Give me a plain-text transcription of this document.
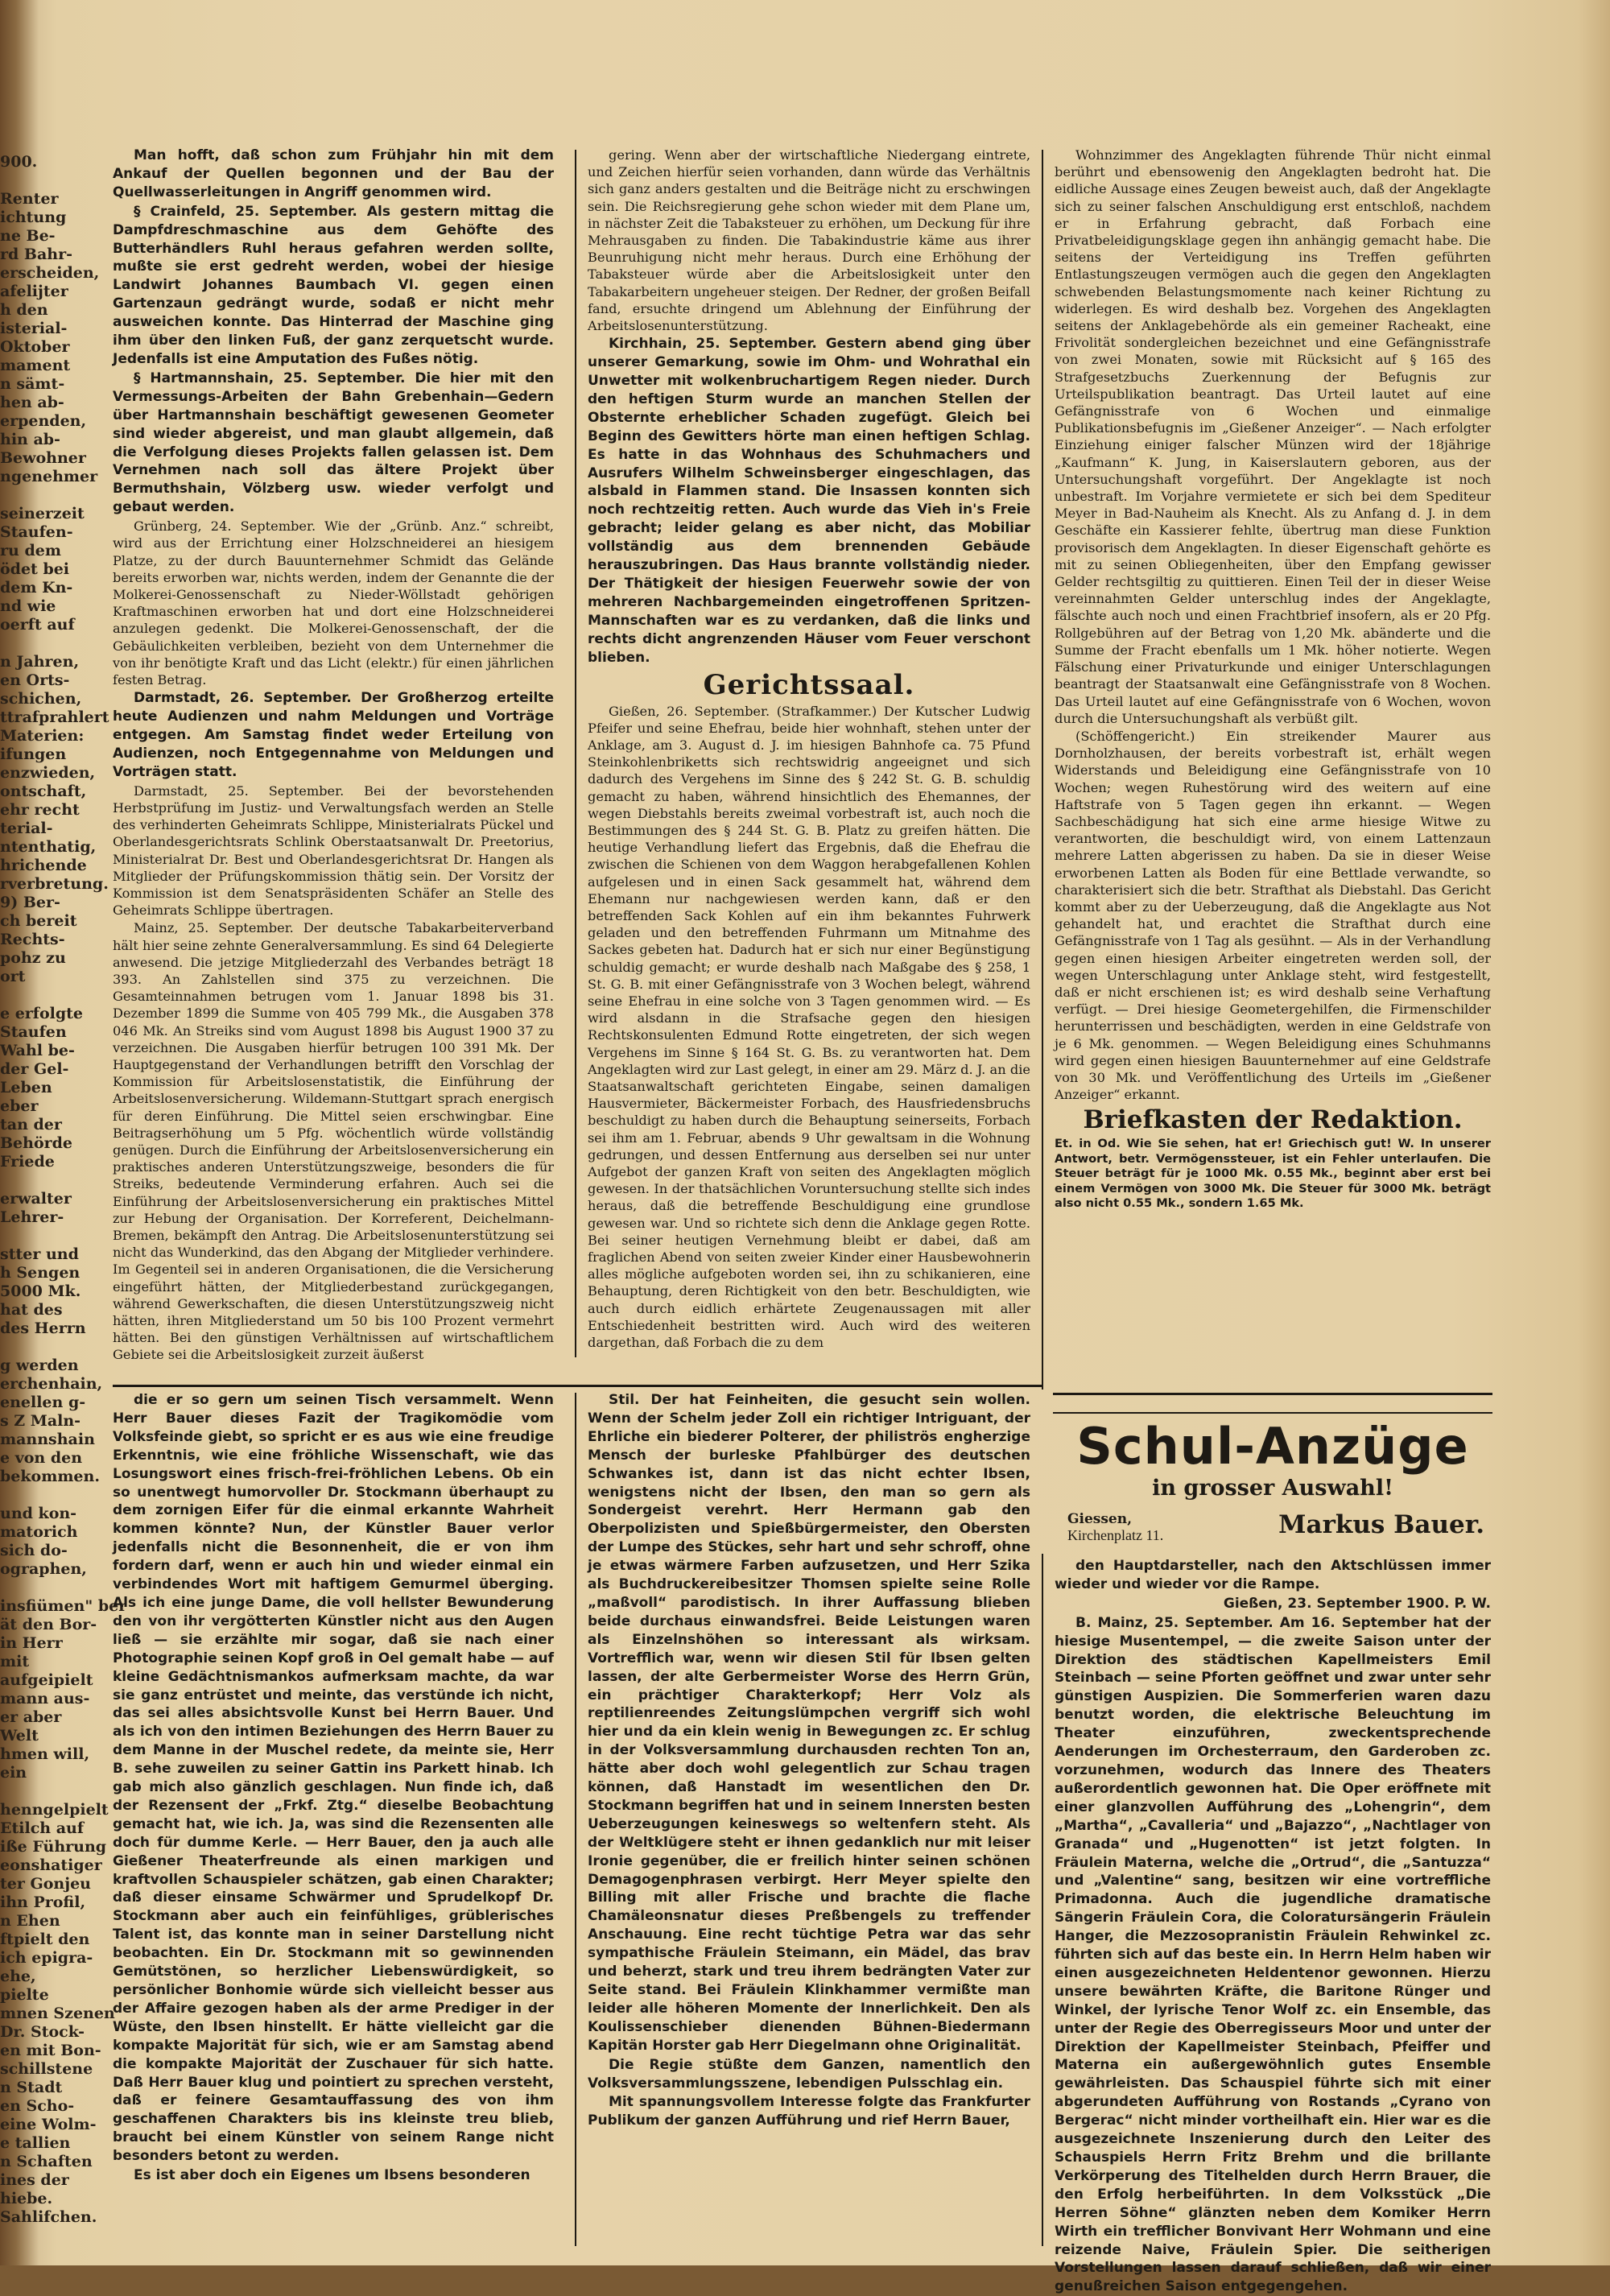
900.

Renter
ichtung
ne Be-
rd Bahr-
erscheiden,
afelijter
h den
isterial-
Oktober
mament
n sämt-
hen ab-
erpenden,
hin ab-
Bewohner
ngenehmer

seinerzeit
Staufen-
ru dem
ödet bei
dem Kn-
nd wie
oerft auf

n Jahren,
en Orts-
schichen,
ttrafprahlert
Materien:
ifungen
enzwieden,
ontschaft,
ehr recht
terial-
ntenthatig,
hrichende
rverbretung.
9) Ber-
ch bereit
Rechts-
pohz zu
ort

e erfolgte
Staufen
Wahl be-
der Gel-
Leben
eber
tan der
Behörde
Friede

erwalter
Lehrer-

stter und
h Sengen
5000 Mk.
hat des
des Herrn

g werden
erchenhain,
enellen g-
s Z Maln-
mannshain
e von den
bekommen.

und kon-
matorich
sich do-
ographen,

insfiümen" ber
ät den Bor-
in Herr
mit
aufgeipielt
mann aus-
er aber
Welt
hmen will,
ein

henngelpielt
Etilch auf
iße Führung
eonshatiger
ter Gonjeu
ihn Profil,
n Ehen
ftpielt den
ich epigra-
ehe,
pielte
mnen Szenen
Dr. Stock-
en mit Bon-
schillstene
n Stadt
en Scho-
eine Wolm-
e tallien
n Schaften
ines der
hiebe.
Sahlifchen.

Man hofft, daß schon zum Frühjahr hin mit dem Ankauf der Quellen begonnen und der Bau der Quellwasserleitungen in Angriff genommen wird.

§ Crainfeld, 25. September. Als gestern mittag die Dampfdreschmaschine aus dem Gehöfte des Butterhändlers Ruhl heraus gefahren werden sollte, mußte sie erst gedreht werden, wobei der hiesige Landwirt Johannes Baumbach VI. gegen einen Gartenzaun gedrängt wurde, sodaß er nicht mehr ausweichen konnte. Das Hinterrad der Maschine ging ihm über den linken Fuß, der ganz zerquetscht wurde. Jedenfalls ist eine Amputation des Fußes nötig.

§ Hartmannshain, 25. September. Die hier mit den Vermessungs-Arbeiten der Bahn Grebenhain—Gedern über Hartmannshain beschäftigt gewesenen Geometer sind wieder abgereist, und man glaubt allgemein, daß die Verfolgung dieses Projekts fallen gelassen ist. Dem Vernehmen nach soll das ältere Projekt über Bermuthshain, Völzberg usw. wieder verfolgt und gebaut werden.

Grünberg, 24. September. Wie der „Grünb. Anz.“ schreibt, wird aus der Errichtung einer Holzschneiderei an hiesigem Platze, zu der durch Bauunternehmer Schmidt das Gelände bereits erworben war, nichts werden, indem der Genannte die der Molkerei-Genossenschaft zu Nieder-Wöllstadt gehörigen Kraftmaschinen erworben hat und dort eine Holzschneiderei anzulegen gedenkt. Die Molkerei-Genossenschaft, der die Gebäulichkeiten verbleiben, bezieht von dem Unternehmer die von ihr benötigte Kraft und das Licht (elektr.) für einen jährlichen festen Betrag.

Darmstadt, 26. September. Der Großherzog erteilte heute Audienzen und nahm Meldungen und Vorträge entgegen. Am Samstag findet weder Erteilung von Audienzen, noch Entgegennahme von Meldungen und Vorträgen statt.

Darmstadt, 25. September. Bei der bevorstehenden Herbstprüfung im Justiz- und Verwaltungsfach werden an Stelle des verhinderten Geheimrats Schlippe, Ministerialrats Pückel und Oberlandesgerichtsrats Schlink Oberstaatsanwalt Dr. Preetorius, Ministerialrat Dr. Best und Oberlandesgerichtsrat Dr. Hangen als Mitglieder der Prüfungskommission thätig sein. Der Vorsitz der Kommission ist dem Senatspräsidenten Schäfer an Stelle des Geheimrats Schlippe übertragen.

Mainz, 25. September. Der deutsche Tabakarbeiterverband hält hier seine zehnte Generalversammlung. Es sind 64 Delegierte anwesend. Die jetzige Mitgliederzahl des Verbandes beträgt 18 393. An Zahlstellen sind 375 zu verzeichnen. Die Gesamteinnahmen betrugen vom 1. Januar 1898 bis 31. Dezember 1899 die Summe von 405 799 Mk., die Ausgaben 378 046 Mk. An Streiks sind vom August 1898 bis August 1900 37 zu verzeichnen. Die Ausgaben hierfür betrugen 100 391 Mk. Der Hauptgegenstand der Verhandlungen betrifft den Vorschlag der Kommission für Arbeitslosenstatistik, die Einführung der Arbeitslosenversicherung. Wildemann-Stuttgart sprach energisch für deren Einführung. Die Mittel seien erschwingbar. Eine Beitragserhöhung um 5 Pfg. wöchentlich würde vollständig genügen. Durch die Einführung der Arbeitslosenversicherung ein praktisches anderen Unterstützungszweige, besonders die für Streiks, bedeutende Verminderung erfahren. Auch sei die Einführung der Arbeitslosenversicherung ein praktisches Mittel zur Hebung der Organisation. Der Korreferent, Deichelmann-Bremen, bekämpft den Antrag. Die Arbeitslosenunterstützung sei nicht das Wunderkind, das den Abgang der Mitglieder verhindere. Im Gegenteil sei in anderen Organisationen, die die Versicherung eingeführt hätten, der Mitgliederbestand zurückgegangen, während Gewerkschaften, die diesen Unterstützungszweig nicht hätten, ihren Mitgliederstand um 50 bis 100 Prozent vermehrt hätten. Bei den günstigen Verhältnissen auf wirtschaftlichem Gebiete sei die Arbeitslosigkeit zurzeit äußerst

gering. Wenn aber der wirtschaftliche Niedergang eintrete, und Zeichen hierfür seien vorhanden, dann würde das Verhältnis sich ganz anders gestalten und die Beiträge nicht zu erschwingen sein. Die Reichsregierung gehe schon wieder mit dem Plane um, in nächster Zeit die Tabaksteuer zu erhöhen, um Deckung für ihre Mehrausgaben zu finden. Die Tabakindustrie käme aus ihrer Beunruhigung nicht mehr heraus. Durch eine Erhöhung der Tabaksteuer würde aber die Arbeitslosigkeit unter den Tabakarbeitern ungeheuer steigen. Der Redner, der großen Beifall fand, ersuchte dringend um Ablehnung der Einführung der Arbeitslosenunterstützung.

Kirchhain, 25. September. Gestern abend ging über unserer Gemarkung, sowie im Ohm- und Wohrathal ein Unwetter mit wolkenbruchartigem Regen nieder. Durch den heftigen Sturm wurde an manchen Stellen der Obsternte erheblicher Schaden zugefügt. Gleich bei Beginn des Gewitters hörte man einen heftigen Schlag. Es hatte in das Wohnhaus des Schuhmachers und Ausrufers Wilhelm Schweinsberger eingeschlagen, das alsbald in Flammen stand. Die Insassen konnten sich noch rechtzeitig retten. Auch wurde das Vieh in's Freie gebracht; leider gelang es aber nicht, das Mobiliar vollständig aus dem brennenden Gebäude herauszubringen. Das Haus brannte vollständig nieder. Der Thätigkeit der hiesigen Feuerwehr sowie der von mehreren Nachbargemeinden eingetroffenen Spritzen-Mannschaften war es zu verdanken, daß die links und rechts dicht angrenzenden Häuser vom Feuer verschont blieben.

Gerichtssaal.

Gießen, 26. September. (Strafkammer.) Der Kutscher Ludwig Pfeifer und seine Ehefrau, beide hier wohnhaft, stehen unter der Anklage, am 3. August d. J. im hiesigen Bahnhofe ca. 75 Pfund Steinkohlenbriketts sich rechtswidrig angeeignet und sich dadurch des Vergehens im Sinne des § 242 St. G. B. schuldig gemacht zu haben, während hinsichtlich des Ehemannes, der wegen Diebstahls bereits zweimal vorbestraft ist, auch noch die Bestimmungen des § 244 St. G. B. Platz zu greifen hätten. Die heutige Verhandlung liefert das Ergebnis, daß die Ehefrau die zwischen die Schienen von dem Waggon herabgefallenen Kohlen aufgelesen und in einen Sack gesammelt hat, während dem Ehemann nur nachgewiesen werden kann, daß er den betreffenden Sack Kohlen auf ein ihm bekanntes Fuhrwerk geladen und den betreffenden Fuhrmann um Mitnahme des Sackes gebeten hat. Dadurch hat er sich nur einer Begünstigung schuldig gemacht; er wurde deshalb nach Maßgabe des § 258, 1 St. G. B. mit einer Gefängnisstrafe von 3 Wochen belegt, während seine Ehefrau in eine solche von 3 Tagen genommen wird. — Es wird alsdann in die Strafsache gegen den hiesigen Rechtskonsulenten Edmund Rotte eingetreten, der sich wegen Vergehens im Sinne § 164 St. G. Bs. zu verantworten hat. Dem Angeklagten wird zur Last gelegt, in einer am 29. März d. J. an die Staatsanwaltschaft gerichteten Eingabe, seinen damaligen Hausvermieter, Bäckermeister Forbach, des Hausfriedensbruchs beschuldigt zu haben durch die Behauptung seinerseits, Forbach sei ihm am 1. Februar, abends 9 Uhr gewaltsam in die Wohnung gedrungen, und dessen Entfernung aus derselben sei nur unter Aufgebot der ganzen Kraft von seiten des Angeklagten möglich gewesen. In der thatsächlichen Voruntersuchung stellte sich indes heraus, daß die betreffende Beschuldigung eine grundlose gewesen war. Und so richtete sich denn die Anklage gegen Rotte. Bei seiner heutigen Vernehmung bleibt er dabei, daß am fraglichen Abend von seiten zweier Kinder einer Hausbewohnerin alles mögliche aufgeboten worden sei, ihn zu schikanieren, eine Behauptung, deren Richtigkeit von den betr. Beschuldigten, wie auch durch eidlich erhärtete Zeugenaussagen mit aller Entschiedenheit bestritten wird. Auch wird des weiteren dargethan, daß Forbach die zu dem

Wohnzimmer des Angeklagten führende Thür nicht einmal berührt und ebensowenig den Angeklagten bedroht hat. Die eidliche Aussage eines Zeugen beweist auch, daß der Angeklagte sich zu seiner falschen Anschuldigung erst entschloß, nachdem er in Erfahrung gebracht, daß Forbach eine Privatbeleidigungsklage gegen ihn anhängig gemacht habe. Die seitens der Verteidigung ins Treffen geführten Entlastungszeugen vermögen auch die gegen den Angeklagten schwebenden Belastungsmomente nach keiner Richtung zu widerlegen. Es wird deshalb bez. Vorgehen des Angeklagten seitens der Anklagebehörde als ein gemeiner Racheakt, eine Frivolität sondergleichen bezeichnet und eine Gefängnisstrafe von zwei Monaten, sowie mit Rücksicht auf § 165 des Strafgesetzbuchs Zuerkennung der Befugnis zur Urteilspublikation beantragt. Das Urteil lautet auf eine Gefängnisstrafe von 6 Wochen und einmalige Publikationsbefugnis im „Gießener Anzeiger“. — Nach erfolgter Einziehung einiger falscher Münzen wird der 18jährige „Kaufmann“ K. Jung, in Kaiserslautern geboren, aus der Untersuchungshaft vorgeführt. Der Angeklagte ist noch unbestraft. Im Vorjahre vermietete er sich bei dem Spediteur Meyer in Bad-Nauheim als Knecht. Als zu Anfang d. J. in dem Geschäfte ein Kassierer fehlte, übertrug man diese Funktion provisorisch dem Angeklagten. In dieser Eigenschaft gehörte es mit zu seinen Obliegenheiten, über den Empfang gewisser Gelder rechtsgiltig zu quittieren. Einen Teil der in dieser Weise vereinnahmten Gelder unterschlug indes der Angeklagte, fälschte auch noch und einen Frachtbrief insofern, als er 20 Pfg. Rollgebühren auf der Betrag von 1,20 Mk. abänderte und die Summe der Fracht ebenfalls um 1 Mk. höher notierte. Wegen Fälschung einer Privaturkunde und einiger Unterschlagungen beantragt der Staatsanwalt eine Gefängnisstrafe von 8 Wochen. Das Urteil lautet auf eine Gefängnisstrafe von 6 Wochen, wovon durch die Untersuchungshaft als verbüßt gilt.

(Schöffengericht.) Ein streikender Maurer aus Dornholzhausen, der bereits vorbestraft ist, erhält wegen Widerstands und Beleidigung eine Gefängnisstrafe von 10 Wochen; wegen Ruhestörung wird des weitern auf eine Haftstrafe von 5 Tagen gegen ihn erkannt. — Wegen Sachbeschädigung hat sich eine arme hiesige Witwe zu verantworten, die beschuldigt wird, von einem Lattenzaun mehrere Latten abgerissen zu haben. Da sie in dieser Weise erworbenen Latten als Boden für eine Bettlade verwandte, so charakterisiert sich die betr. Strafthat als Diebstahl. Das Gericht kommt aber zu der Ueberzeugung, daß die Angeklagte aus Not gehandelt hat, und erachtet die Strafthat durch eine Gefängnisstrafe von 1 Tag als gesühnt. — Als in der Verhandlung gegen einen hiesigen Arbeiter eingetreten werden soll, der wegen Unterschlagung unter Anklage steht, wird festgestellt, daß er nicht erschienen ist; es wird deshalb seine Verhaftung verfügt. — Drei hiesige Geometergehilfen, die Firmenschilder herunterrissen und beschädigten, werden in eine Geldstrafe von je 6 Mk. genommen. — Wegen Beleidigung eines Schuhmanns wird gegen einen hiesigen Bauunternehmer auf eine Geldstrafe von 30 Mk. und Veröffentlichung des Urteils im „Gießener Anzeiger“ erkannt.

Briefkasten der Redaktion.

Et. in Od. Wie Sie sehen, hat er! Griechisch gut! W. In unserer Antwort, betr. Vermögenssteuer, ist ein Fehler unterlaufen. Die Steuer beträgt für je 1000 Mk. 0.55 Mk., beginnt aber erst bei einem Vermögen von 3000 Mk. Die Steuer für 3000 Mk. beträgt also nicht 0.55 Mk., sondern 1.65 Mk.

Schul-Anzüge
in grosser Auswahl!
Giessen,
Kirchenplatz 11.	Markus Bauer.

die er so gern um seinen Tisch versammelt. Wenn Herr Bauer dieses Fazit der Tragikomödie vom Volksfeinde giebt, so spricht er es aus wie eine freudige Erkenntnis, wie eine fröhliche Wissenschaft, wie das Losungswort eines frisch-frei-fröhlichen Lebens. Ob ein so unentwegt humorvoller Dr. Stockmann überhaupt zu dem zornigen Eifer für die einmal erkannte Wahrheit kommen könnte? Nun, der Künstler Bauer verlor jedenfalls nicht die Besonnenheit, die er von ihm fordern darf, wenn er auch hin und wieder einmal ein verbindendes Wort mit haftigem Gemurmel überging. Als ich eine junge Dame, die voll hellster Bewunderung den von ihr vergötterten Künstler nicht aus den Augen ließ — sie erzählte mir sogar, daß sie nach einer Photographie seinen Kopf groß in Oel gemalt habe — auf kleine Gedächtnismankos aufmerksam machte, da war sie ganz entrüstet und meinte, das verstünde ich nicht, das sei alles absichtsvolle Kunst bei Herrn Bauer. Und als ich von den intimen Beziehungen des Herrn Bauer zu dem Manne in der Muschel redete, da meinte sie, Herr B. sehe zuweilen zu seiner Gattin ins Parkett hinab. Ich gab mich also gänzlich geschlagen. Nun finde ich, daß der Rezensent der „Frkf. Ztg.“ dieselbe Beobachtung gemacht hat, wie ich. Ja, was sind die Rezensenten alle doch für dumme Kerle. — Herr Bauer, den ja auch alle Gießener Theaterfreunde als einen markigen und kraftvollen Schauspieler schätzen, gab einen Charakter; daß dieser einsame Schwärmer und Sprudelkopf Dr. Stockmann aber auch ein feinfühliges, grüblerisches Talent ist, das konnte man in seiner Darstellung nicht beobachten. Ein Dr. Stockmann mit so gewinnenden Gemütstönen, so herzlicher Liebenswürdigkeit, so persönlicher Bonhomie würde sich vielleicht besser aus der Affaire gezogen haben als der arme Prediger in der Wüste, den Ibsen hinstellt. Er hätte vielleicht gar die kompakte Majorität für sich, wie er am Samstag abend die kompakte Majorität der Zuschauer für sich hatte. Daß Herr Bauer klug und pointiert zu sprechen versteht, daß er feinere Gesamtauffassung des von ihm geschaffenen Charakters bis ins kleinste treu blieb, braucht bei einem Künstler von seinem Range nicht besonders betont zu werden.

Es ist aber doch ein Eigenes um Ibsens besonderen

Stil. Der hat Feinheiten, die gesucht sein wollen. Wenn der Schelm jeder Zoll ein richtiger Intriguant, der Ehrliche ein biederer Polterer, der philiströs engherzige Mensch der burleske Pfahlbürger des deutschen Schwankes ist, dann ist das nicht echter Ibsen, wenigstens nicht der Ibsen, den man so gern als Sondergeist verehrt. Herr Hermann gab den Oberpolizisten und Spießbürgermeister, den Obersten der Lumpe des Stückes, sehr hart und sehr schroff, ohne je etwas wärmere Farben aufzusetzen, und Herr Szika als Buchdruckereibesitzer Thomsen spielte seine Rolle „maßvoll“ parodistisch. In ihrer Auffassung blieben beide durchaus einwandsfrei. Beide Leistungen waren als Einzelnshöhen so interessant als wirksam. Vortrefflich war, wenn wir diesen Stil für Ibsen gelten lassen, der alte Gerbermeister Worse des Herrn Grün, ein prächtiger Charakterkopf; Herr Volz als reptilienreendes Zeitungslümpchen vergriff sich wohl hier und da ein klein wenig in Bewegungen zc. Er schlug in der Volksversammlung durchausden rechten Ton an, hätte aber doch wohl gelegentlich zur Schau tragen können, daß Hanstadt im wesentlichen den Dr. Stockmann begriffen hat und in seinem Innersten besten Ueberzeugungen keineswegs so weltenfern steht. Als der Weltklügere steht er ihnen gedanklich nur mit leiser Ironie gegenüber, die er freilich hinter seinen schönen Demagogenphrasen verbirgt. Herr Meyer spielte den Billing mit aller Frische und brachte die flache Chamäleonsnatur dieses Preßbengels zu treffender Anschauung. Eine recht tüchtige Petra war das sehr sympathische Fräulein Steimann, ein Mädel, das brav und beherzt, stark und treu ihrem bedrängten Vater zur Seite stand. Bei Fräulein Klinkhammer vermißte man leider alle höheren Momente der Innerlichkeit. Den als Koulissenschieber dienenden Bühnen-Biedermann Kapitän Horster gab Herr Diegelmann ohne Originalität.

Die Regie stüßte dem Ganzen, namentlich den Volksversammlungsszene, lebendigen Pulsschlag ein.

Mit spannungsvollem Interesse folgte das Frankfurter Publikum der ganzen Aufführung und rief Herrn Bauer,

den Hauptdarsteller, nach den Aktschlüssen immer wieder und wieder vor die Rampe.

Gießen, 23. September 1900. P. W.

B. Mainz, 25. September. Am 16. September hat der hiesige Musentempel, — die zweite Saison unter der Direktion des städtischen Kapellmeisters Emil Steinbach — seine Pforten geöffnet und zwar unter sehr günstigen Auspizien. Die Sommerferien waren dazu benutzt worden, die elektrische Beleuchtung im Theater einzuführen, zweckentsprechende Aenderungen im Orchesterraum, den Garderoben zc. vorzunehmen, wodurch das Innere des Theaters außerordentlich gewonnen hat. Die Oper eröffnete mit einer glanzvollen Aufführung des „Lohengrin“, dem „Martha“, „Cavalleria“ und „Bajazzo“, „Nachtlager von Granada“ und „Hugenotten“ ist jetzt folgten. In Fräulein Materna, welche die „Ortrud“, die „Santuzza“ und „Valentine“ sang, besitzen wir eine vortreffliche Primadonna. Auch die jugendliche dramatische Sängerin Fräulein Cora, die Coloratursängerin Fräulein Hanger, die Mezzosopranistin Fräulein Rehwinkel zc. führten sich auf das beste ein. In Herrn Helm haben wir einen ausgezeichneten Heldentenor gewonnen. Hierzu unsere bewährten Kräfte, die Baritone Rünger und Winkel, der lyrische Tenor Wolf zc. ein Ensemble, das unter der Regie des Oberregisseurs Moor und unter der Direktion der Kapellmeister Steinbach, Pfeiffer und Materna ein außergewöhnlich gutes Ensemble gewährleisten. Das Schauspiel führte sich mit einer abgerundeten Aufführung von Rostands „Cyrano von Bergerac“ nicht minder vortheilhaft ein. Hier war es die ausgezeichnete Inszenierung durch den Leiter des Schauspiels Herrn Fritz Brehm und die brillante Verkörperung des Titelhelden durch Herrn Brauer, die den Erfolg herbeiführten. In dem Volksstück „Die Herren Söhne“ glänzten neben dem Komiker Herrn Wirth ein trefflicher Bonvivant Herr Wohmann und eine reizende Naive, Fräulein Spier. Die seitherigen Vorstellungen lassen darauf schließen, daß wir einer genußreichen Saison entgegengehen.
